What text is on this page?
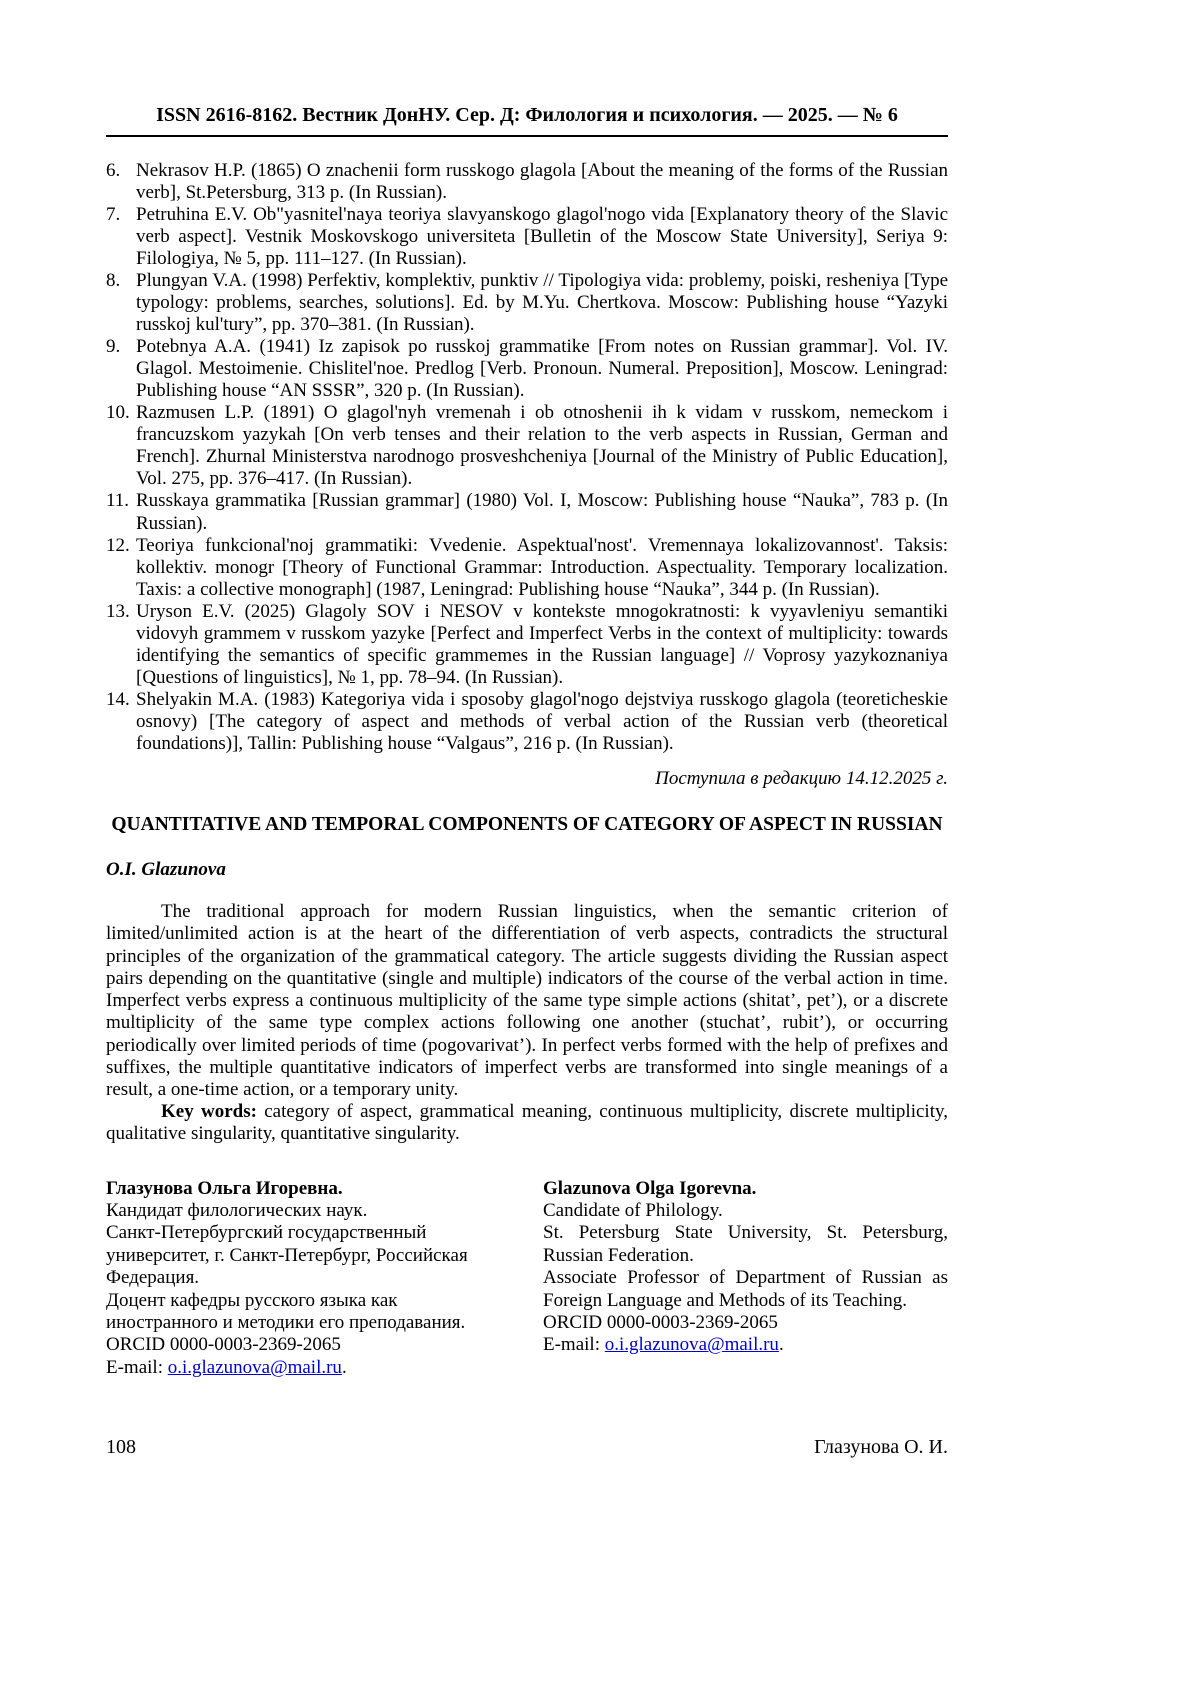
ISSN 2616-8162. Вестник ДонНУ. Сер. Д: Филология и психология. — 2025. — № 6
6. Nekrasov H.P. (1865) O znachenii form russkogo glagola [About the meaning of the forms of the Russian verb], St.Petersburg, 313 p. (In Russian).
7. Petruhina E.V. Ob"yasnitel'naya teoriya slavyanskogo glagol'nogo vida [Explanatory theory of the Slavic verb aspect]. Vestnik Moskovskogo universiteta [Bulletin of the Moscow State University], Seriya 9: Filologiya, № 5, pp. 111–127. (In Russian).
8. Plungyan V.A. (1998) Perfektiv, komplektiv, punktiv // Tipologiya vida: problemy, poiski, resheniya [Type typology: problems, searches, solutions]. Ed. by M.Yu. Chertkova. Moscow: Publishing house “Yazyki russkoj kul'tury”, pp. 370–381. (In Russian).
9. Potebnya A.A. (1941) Iz zapisok po russkoj grammatike [From notes on Russian grammar]. Vol. IV. Glagol. Mestoimenie. Chislitel'noe. Predlog [Verb. Pronoun. Numeral. Preposition], Moscow. Leningrad: Publishing house “AN SSSR”, 320 p. (In Russian).
10. Razmusen L.P. (1891) O glagol'nyh vremenah i ob otnoshenii ih k vidam v russkom, nemeckom i francuzskom yazykah [On verb tenses and their relation to the verb aspects in Russian, German and French]. Zhurnal Ministerstva narodnogo prosveshcheniya [Journal of the Ministry of Public Education], Vol. 275, pp. 376–417. (In Russian).
11. Russkaya grammatika [Russian grammar] (1980) Vol. I, Moscow: Publishing house “Nauka”, 783 p. (In Russian).
12. Teoriya funkcional'noj grammatiki: Vvedenie. Aspektual'nost'. Vremennaya lokalizovannost'. Taksis: kollektiv. monogr [Theory of Functional Grammar: Introduction. Aspectuality. Temporary localization. Taxis: a collective monograph] (1987, Leningrad: Publishing house “Nauka”, 344 p. (In Russian).
13. Uryson E.V. (2025) Glagoly SOV i NESOV v kontekste mnogokratnosti: k vyyavleniyu semantiki vidovyh grammem v russkom yazyke [Perfect and Imperfect Verbs in the context of multiplicity: towards identifying the semantics of specific grammemes in the Russian language] // Voprosy yazykoznaniya [Questions of linguistics], № 1, pp. 78–94. (In Russian).
14. Shelyakin M.A. (1983) Kategoriya vida i sposoby glagol'nogo dejstviya russkogo glagola (teoreticheskie osnovy) [The category of aspect and methods of verbal action of the Russian verb (theoretical foundations)], Tallin: Publishing house “Valgaus”, 216 p. (In Russian).

Поступила в редакцию 14.12.2025 г.

QUANTITATIVE AND TEMPORAL COMPONENTS OF CATEGORY OF ASPECT IN RUSSIAN

O.I. Glazunova

The traditional approach for modern Russian linguistics, when the semantic criterion of limited/unlimited action is at the heart of the differentiation of verb aspects, contradicts the structural principles of the organization of the grammatical category. The article suggests dividing the Russian aspect pairs depending on the quantitative (single and multiple) indicators of the course of the verbal action in time. Imperfect verbs express a continuous multiplicity of the same type simple actions (shitat’, pet’), or a discrete multiplicity of the same type complex actions following one another (stuchat’, rubit’), or occurring periodically over limited periods of time (pogovarivat’). In perfect verbs formed with the help of prefixes and suffixes, the multiple quantitative indicators of imperfect verbs are transformed into single meanings of a result, a one-time action, or a temporary unity.

Key words: category of aspect, grammatical meaning, continuous multiplicity, discrete multiplicity, qualitative singularity, quantitative singularity.

Глазунова Ольга Игоревна.

Кандидат филологических наук.

Санкт-Петербургский государственный университет, г. Санкт-Петербург, Российская Федерация.

Доцент кафедры русского языка как иностранного и методики его преподавания.

ORCID 0000-0003-2369-2065

E-mail: o.i.glazunova@mail.ru.

Glazunova Olga Igorevna.

Candidate of Philology.

St. Petersburg State University, St. Petersburg, Russian Federation.

Associate Professor of Department of Russian as Foreign Language and Methods of its Teaching.

ORCID 0000-0003-2369-2065

E-mail: o.i.glazunova@mail.ru.

108	Глазунова О. И.
